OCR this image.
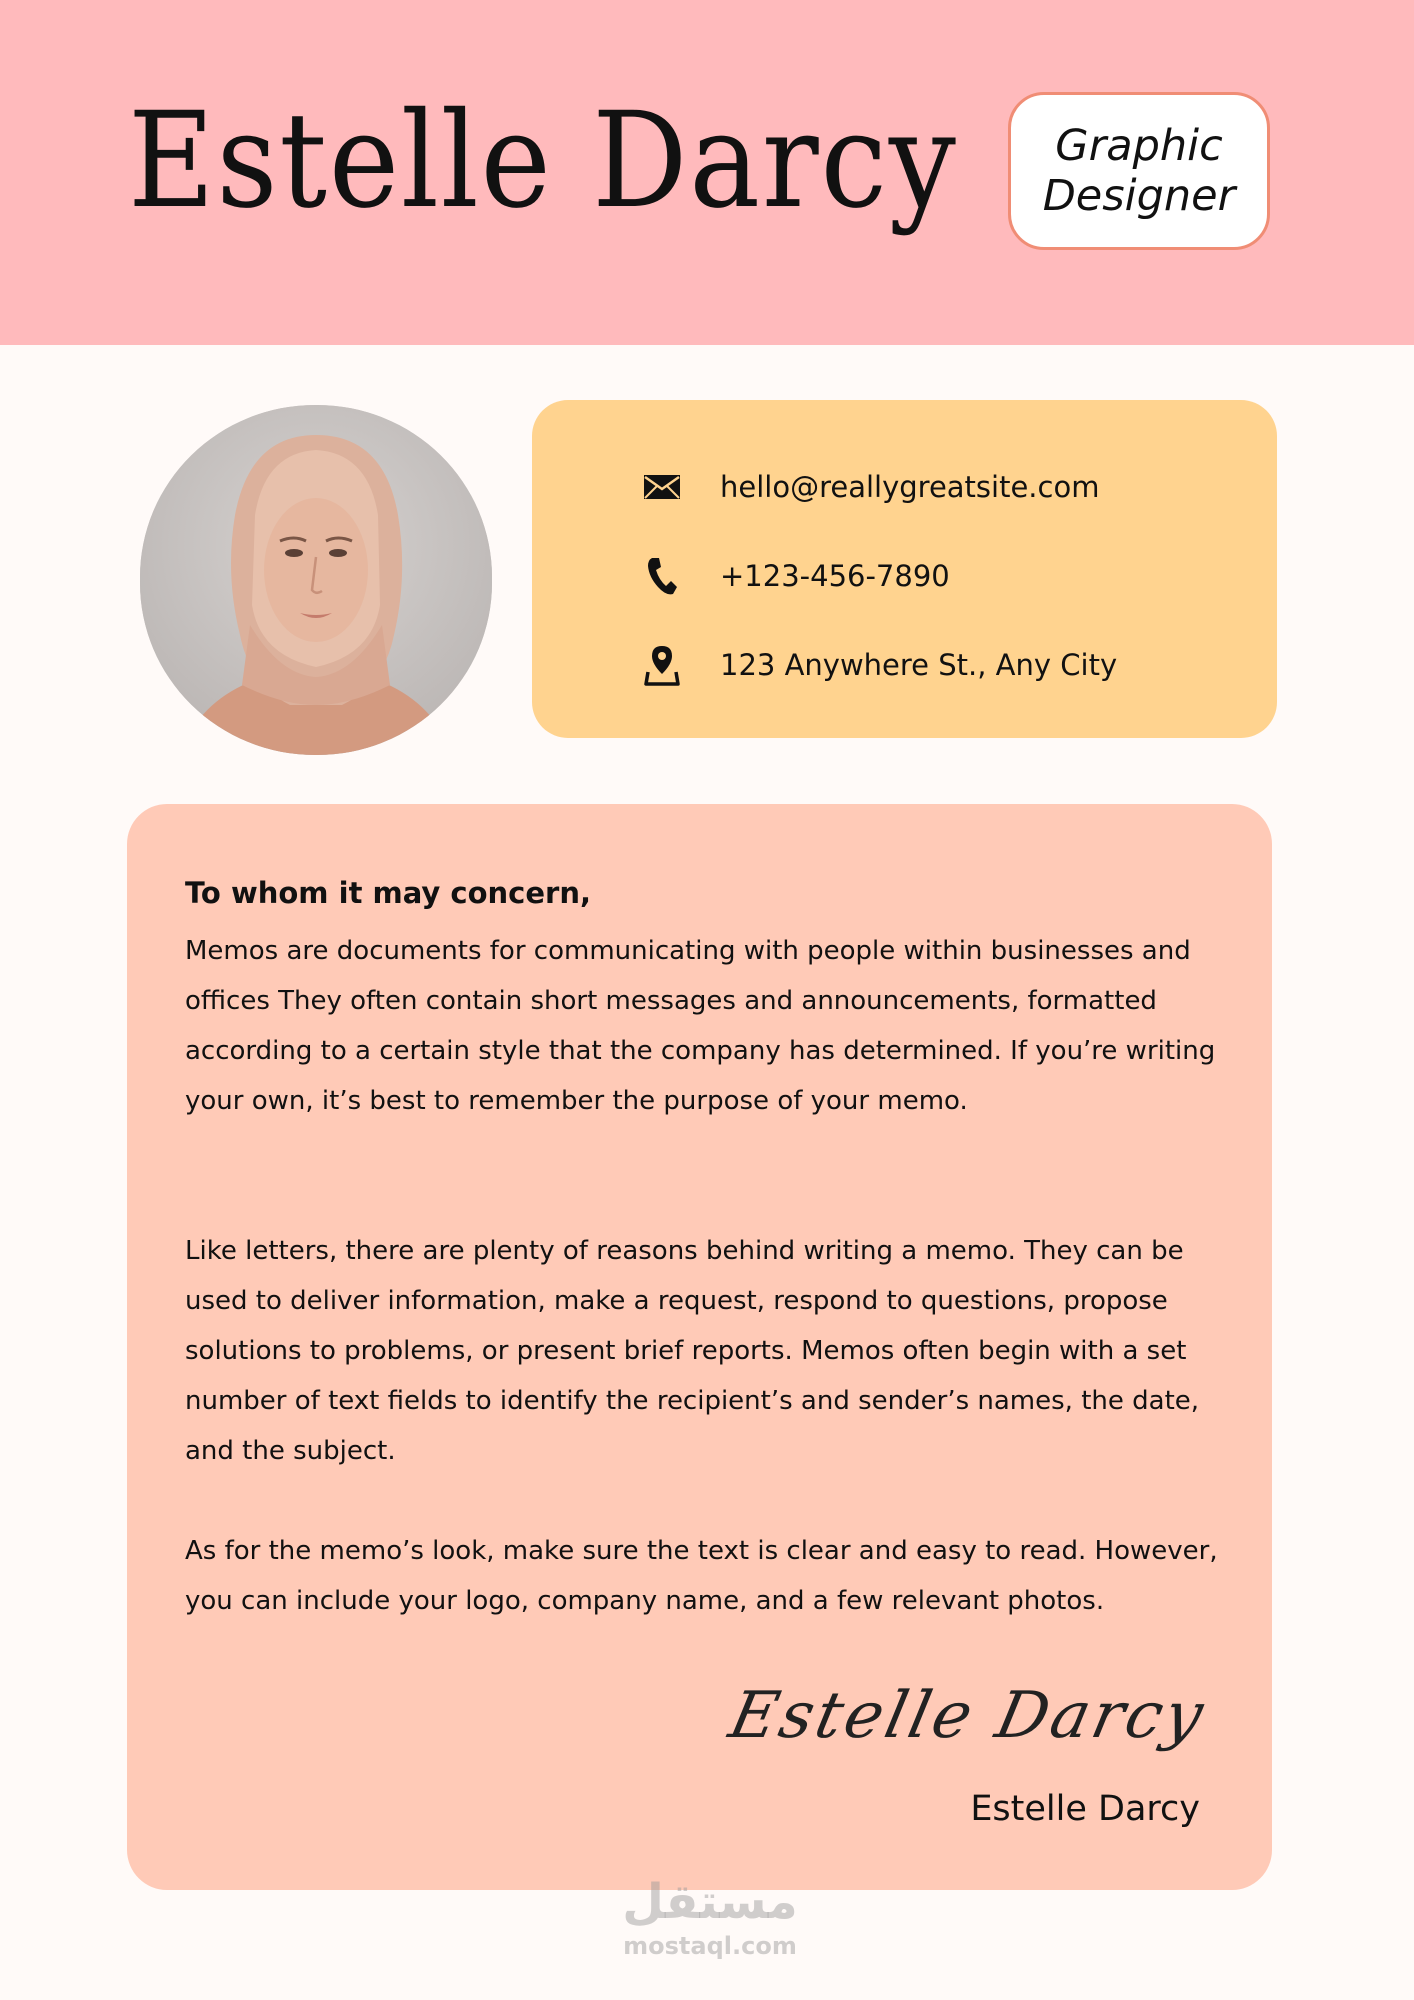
Estelle Darcy Graphic
Designer
hello@reallygreatsite.com
+123-456-7890
123 Anywhere St., Any City
To whom it may concern,

Memos are documents for communicating with people within businesses and offices They often contain short messages and announcements, formatted according to a certain style that the company has determined. If you’re writing your own, it’s best to remember the purpose of your memo.

Like letters, there are plenty of reasons behind writing a memo. They can be used to deliver information, make a request, respond to questions, propose solutions to problems, or present brief reports. Memos often begin with a set number of text fields to identify the recipient’s and sender’s names, the date, and the subject.

As for the memo’s look, make sure the text is clear and easy to read. However, you can include your logo, company name, and a few relevant photos.

Estelle Darcy
Estelle Darcy
مستقل
mostaql.com
